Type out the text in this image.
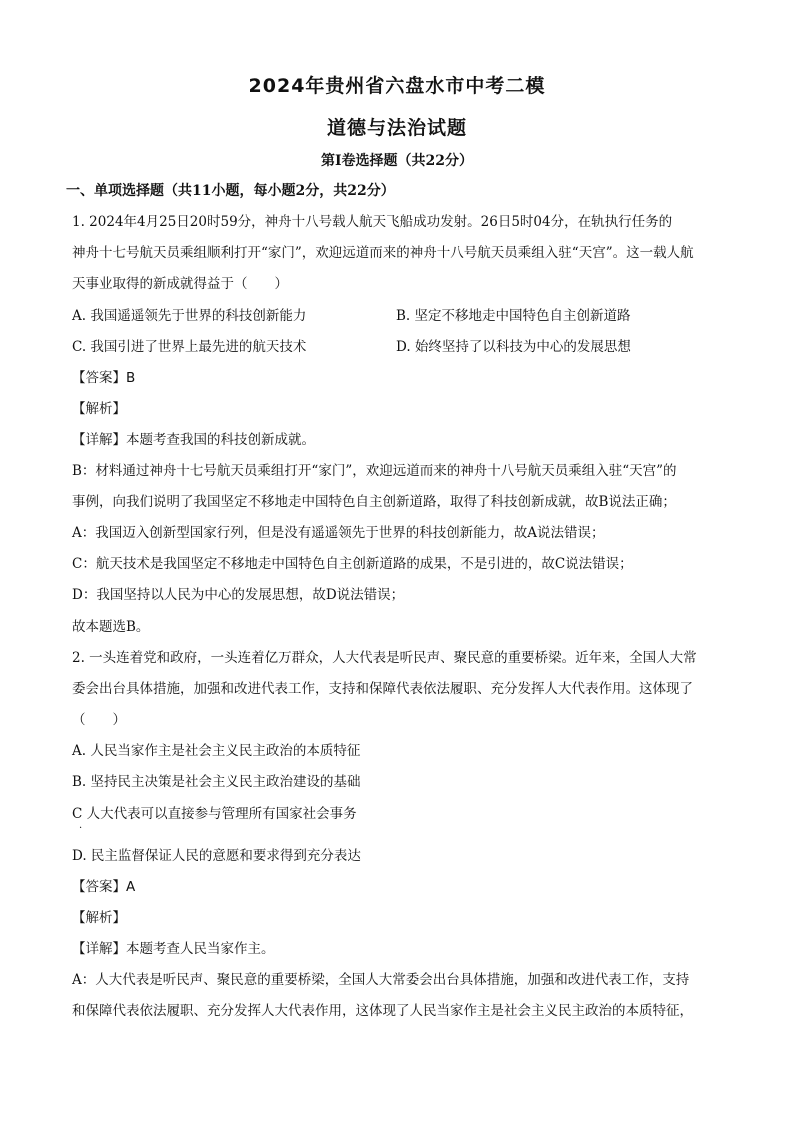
2024年贵州省六盘水市中考二模
道德与法治试题
第Ⅰ卷选择题（共22分）
一、单项选择题（共11小题，每小题2分，共22分）
1. 2024年4月25日20时59分，神舟十八号载人航天飞船成功发射。26日5时04分，在轨执行任务的
神舟十七号航天员乘组顺利打开“家门”，欢迎远道而来的神舟十八号航天员乘组入驻“天宫”。这一载人航
天事业取得的新成就得益于（　　）
A. 我国遥遥领先于世界的科技创新能力	B. 坚定不移地走中国特色自主创新道路
C. 我国引进了世界上最先进的航天技术	D. 始终坚持了以科技为中心的发展思想
【答案】B
【解析】
【详解】本题考查我国的科技创新成就。
B：材料通过神舟十七号航天员乘组打开“家门”，欢迎远道而来的神舟十八号航天员乘组入驻“天宫”的
事例，向我们说明了我国坚定不移地走中国特色自主创新道路，取得了科技创新成就，故B说法正确；
A：我国迈入创新型国家行列，但是没有遥遥领先于世界的科技创新能力，故A说法错误；
C：航天技术是我国坚定不移地走中国特色自主创新道路的成果，不是引进的，故C说法错误；
D：我国坚持以人民为中心的发展思想，故D说法错误；
故本题选B。
2. 一头连着党和政府，一头连着亿万群众，人大代表是听民声、聚民意的重要桥梁。近年来，全国人大常
委会出台具体措施，加强和改进代表工作，支持和保障代表依法履职、充分发挥人大代表作用。这体现了
（　　）
A. 人民当家作主是社会主义民主政治的本质特征
B. 坚持民主决策是社会主义民主政治建设的基础
C 人大代表可以直接参与管理所有国家社会事务
.
D. 民主监督保证人民的意愿和要求得到充分表达
【答案】A
【解析】
【详解】本题考查人民当家作主。
A：人大代表是听民声、聚民意的重要桥梁，全国人大常委会出台具体措施，加强和改进代表工作，支持
和保障代表依法履职、充分发挥人大代表作用，这体现了人民当家作主是社会主义民主政治的本质特征，
